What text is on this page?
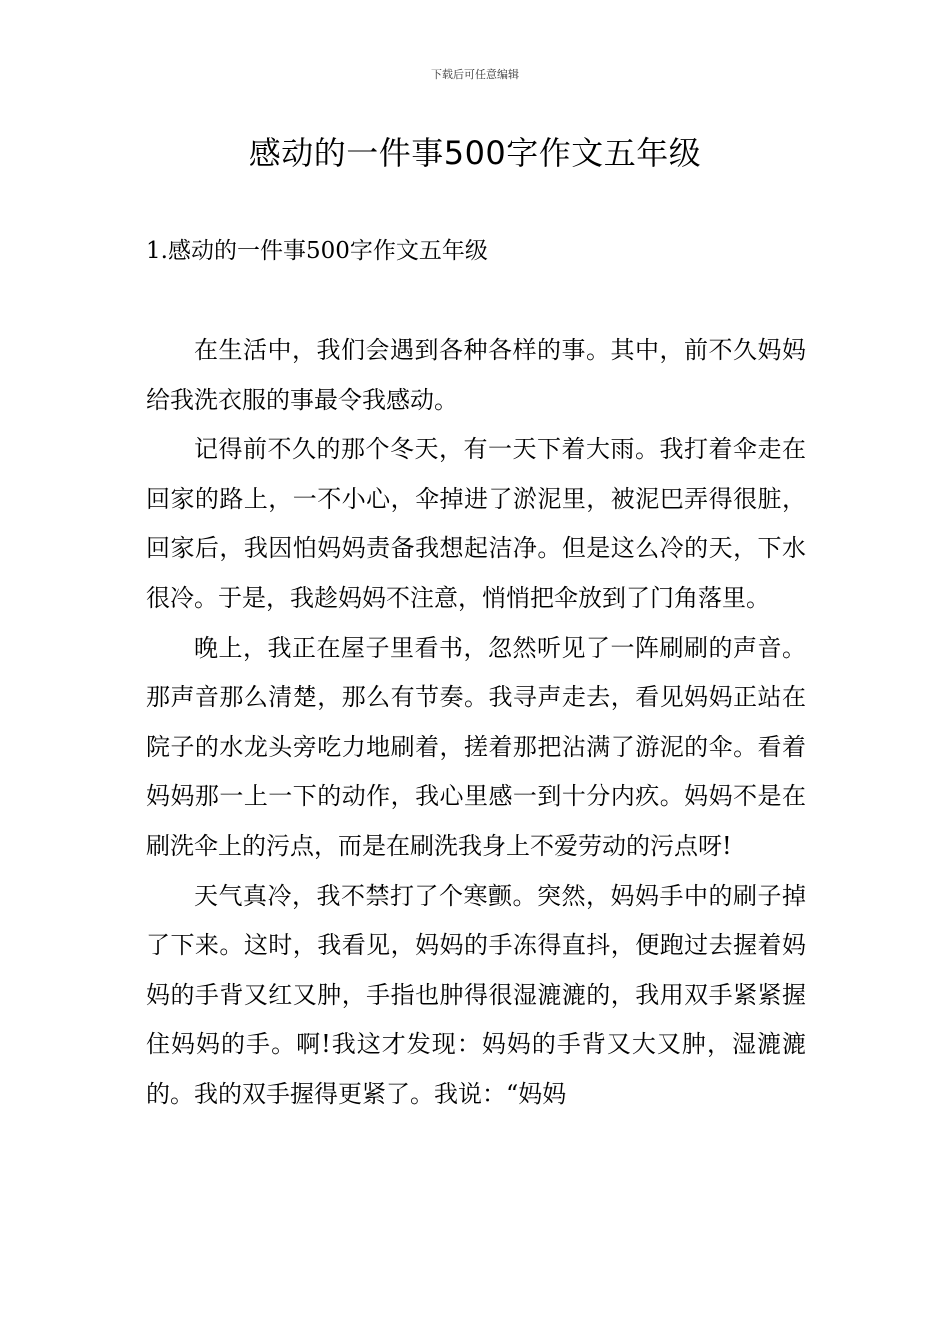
下载后可任意编辑
感动的一件事500字作文五年级
1.感动的一件事500字作文五年级

在生活中，我们会遇到各种各样的事。其中，前不久妈妈给我洗衣服的事最令我感动。

记得前不久的那个冬天，有一天下着大雨。我打着伞走在回家的路上，一不小心，伞掉进了淤泥里，被泥巴弄得很脏，回家后，我因怕妈妈责备我想起洁净。但是这么冷的天，下水很冷。于是，我趁妈妈不注意，悄悄把伞放到了门角落里。

晚上，我正在屋子里看书，忽然听见了一阵刷刷的声音。那声音那么清楚，那么有节奏。我寻声走去，看见妈妈正站在院子的水龙头旁吃力地刷着，搓着那把沾满了游泥的伞。看着妈妈那一上一下的动作，我心里感一到十分内疚。妈妈不是在刷洗伞上的污点，而是在刷洗我身上不爱劳动的污点呀!

天气真冷，我不禁打了个寒颤。突然，妈妈手中的刷子掉了下来。这时，我看见，妈妈的手冻得直抖，便跑过去握着妈妈的手背又红又肿，手指也肿得很湿漉漉的，我用双手紧紧握住妈妈的手。啊!我这才发现：妈妈的手背又大又肿，湿漉漉的。我的双手握得更紧了。我说：“妈妈
